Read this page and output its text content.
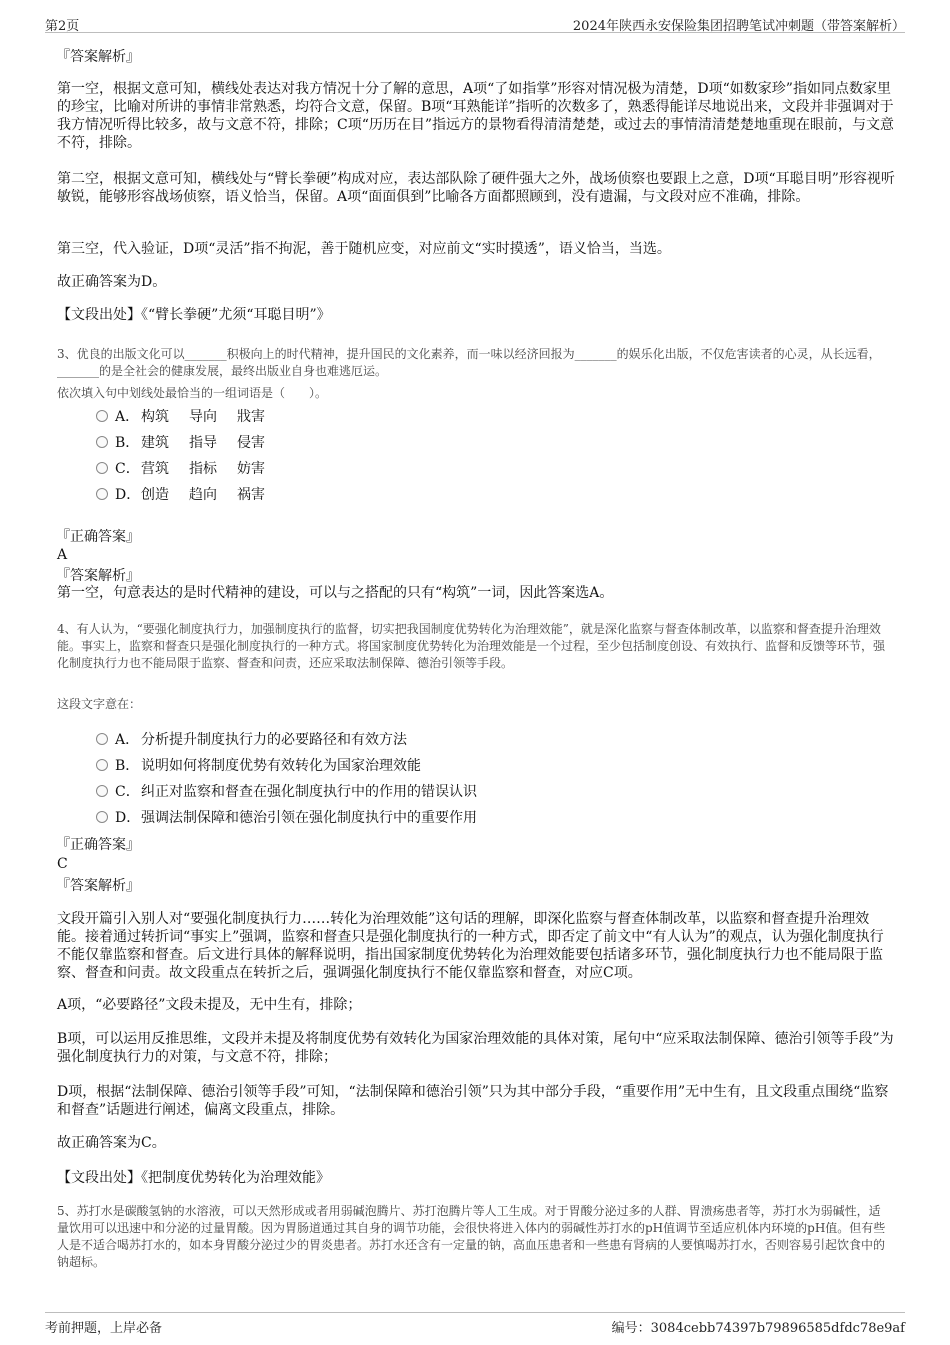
第2页	2024年陕西永安保险集团招聘笔试冲刺题（带答案解析）
『答案解析』

第一空，根据文意可知，横线处表达对我方情况十分了解的意思，A项“了如指掌”形容对情况极为清楚，D项“如数家珍”指如同点数家里的珍宝，比喻对所讲的事情非常熟悉，均符合文意，保留。B项“耳熟能详”指听的次数多了，熟悉得能详尽地说出来，文段并非强调对于我方情况听得比较多，故与文意不符，排除；C项“历历在目”指远方的景物看得清清楚楚，或过去的事情清清楚楚地重现在眼前，与文意不符，排除。

第二空，根据文意可知，横线处与“臂长拳硬”构成对应，表达部队除了硬件强大之外，战场侦察也要跟上之意，D项“耳聪目明”形容视听敏锐，能够形容战场侦察，语义恰当，保留。A项“面面俱到”比喻各方面都照顾到，没有遗漏，与文段对应不准确，排除。

第三空，代入验证，D项“灵活”指不拘泥，善于随机应变，对应前文“实时摸透”，语义恰当，当选。

故正确答案为D。

【文段出处】《“臂长拳硬”尤须“耳聪目明”》

3、优良的出版文化可以_______积极向上的时代精神，提升国民的文化素养，而一味以经济回报为_______的娱乐化出版，不仅危害读者的心灵，从长远看，_______的是全社会的健康发展，最终出版业自身也难逃厄运。

依次填入句中划线处最恰当的一组词语是（　　）。

A． 构筑 导向 戕害
B． 建筑 指导 侵害
C．营筑 指标 妨害
D．创造 趋向 祸害
『正确答案』
A
『答案解析』

第一空，句意表达的是时代精神的建设，可以与之搭配的只有“构筑”一词，因此答案选A。

4、有人认为，“要强化制度执行力，加强制度执行的监督，切实把我国制度优势转化为治理效能”，就是深化监察与督查体制改革，以监察和督查提升治理效能。事实上，监察和督查只是强化制度执行的一种方式。将国家制度优势转化为治理效能是一个过程，至少包括制度创设、有效执行、监督和反馈等环节，强化制度执行力也不能局限于监察、督查和问责，还应采取法制保障、德治引领等手段。

这段文字意在：

A． 分析提升制度执行力的必要路径和有效方法
B． 说明如何将制度优势有效转化为国家治理效能
C．纠正对监察和督查在强化制度执行中的作用的错误认识
D．强调法制保障和德治引领在强化制度执行中的重要作用
『正确答案』
C
『答案解析』

文段开篇引入别人对“要强化制度执行力……转化为治理效能”这句话的理解，即深化监察与督查体制改革，以监察和督查提升治理效能。接着通过转折词“事实上”强调，监察和督查只是强化制度执行的一种方式，即否定了前文中“有人认为”的观点，认为强化制度执行不能仅靠监察和督查。后文进行具体的解释说明，指出国家制度优势转化为治理效能要包括诸多环节，强化制度执行力也不能局限于监察、督查和问责。故文段重点在转折之后，强调强化制度执行不能仅靠监察和督查，对应C项。

A项，“必要路径”文段未提及，无中生有，排除；

B项，可以运用反推思维，文段并未提及将制度优势有效转化为国家治理效能的具体对策，尾句中“应采取法制保障、德治引领等手段”为强化制度执行力的对策，与文意不符，排除；

D项，根据“法制保障、德治引领等手段”可知，“法制保障和德治引领”只为其中部分手段，“重要作用”无中生有，且文段重点围绕“监察和督查”话题进行阐述，偏离文段重点，排除。

故正确答案为C。

【文段出处】《把制度优势转化为治理效能》

5、苏打水是碳酸氢钠的水溶液，可以天然形成或者用弱碱泡腾片、苏打泡腾片等人工生成。对于胃酸分泌过多的人群、胃溃疡患者等，苏打水为弱碱性，适量饮用可以迅速中和分泌的过量胃酸。因为胃肠道通过其自身的调节功能，会很快将进入体内的弱碱性苏打水的pH值调节至适应机体内环境的pH值。但有些人是不适合喝苏打水的，如本身胃酸分泌过少的胃炎患者。苏打水还含有一定量的钠，高血压患者和一些患有肾病的人要慎喝苏打水，否则容易引起饮食中的钠超标。

考前押题，上岸必备	编号：3084cebb74397b79896585dfdc78e9af
